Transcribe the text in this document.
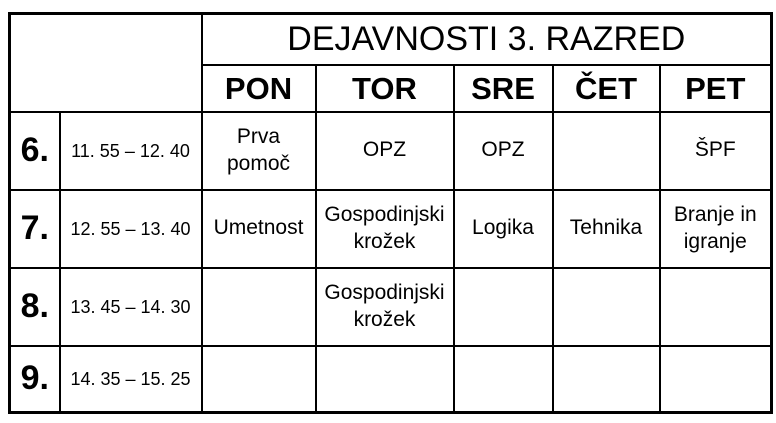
		DEJAVNOSTI 3. RAZRED				
		PON	TOR	SRE	ČET	PET
6.	11. 55 – 12. 40	Prva pomoč	OPZ	OPZ		ŠPF
7.	12. 55 – 13. 40	Umetnost	Gospodinjski krožek	Logika	Tehnika	Branje in igranje
8.	13. 45 – 14. 30		Gospodinjski krožek			
9.	14. 35 – 15. 25					
